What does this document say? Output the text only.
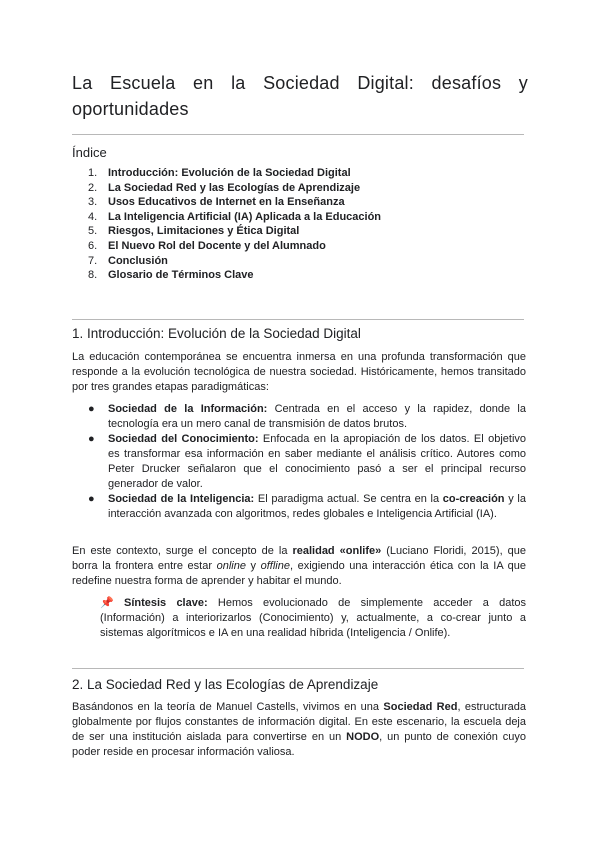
La Escuela en la Sociedad Digital: desafíos y oportunidades
Índice
1. Introducción: Evolución de la Sociedad Digital
2. La Sociedad Red y las Ecologías de Aprendizaje
3. Usos Educativos de Internet en la Enseñanza
4. La Inteligencia Artificial (IA) Aplicada a la Educación
5. Riesgos, Limitaciones y Ética Digital
6. El Nuevo Rol del Docente y del Alumnado
7. Conclusión
8. Glosario de Términos Clave
1. Introducción: Evolución de la Sociedad Digital

La educación contemporánea se encuentra inmersa en una profunda transformación que responde a la evolución tecnológica de nuestra sociedad. Históricamente, hemos transitado por tres grandes etapas paradigmáticas:

● Sociedad de la Información: Centrada en el acceso y la rapidez, donde la tecnología era un mero canal de transmisión de datos brutos.
● Sociedad del Conocimiento: Enfocada en la apropiación de los datos. El objetivo es transformar esa información en saber mediante el análisis crítico. Autores como Peter Drucker señalaron que el conocimiento pasó a ser el principal recurso generador de valor.
● Sociedad de la Inteligencia: El paradigma actual. Se centra en la co-creación y la interacción avanzada con algoritmos, redes globales e Inteligencia Artificial (IA).

En este contexto, surge el concepto de la realidad «onlife» (Luciano Floridi, 2015), que borra la frontera entre estar online y offline, exigiendo una interacción ética con la IA que redefine nuestra forma de aprender y habitar el mundo.

📌 Síntesis clave: Hemos evolucionado de simplemente acceder a datos (Información) a interiorizarlos (Conocimiento) y, actualmente, a co-crear junto a sistemas algorítmicos e IA en una realidad híbrida (Inteligencia / Onlife).

2. La Sociedad Red y las Ecologías de Aprendizaje

Basándonos en la teoría de Manuel Castells, vivimos en una Sociedad Red, estructurada globalmente por flujos constantes de información digital. En este escenario, la escuela deja de ser una institución aislada para convertirse en un NODO, un punto de conexión cuyo poder reside en procesar información valiosa.
